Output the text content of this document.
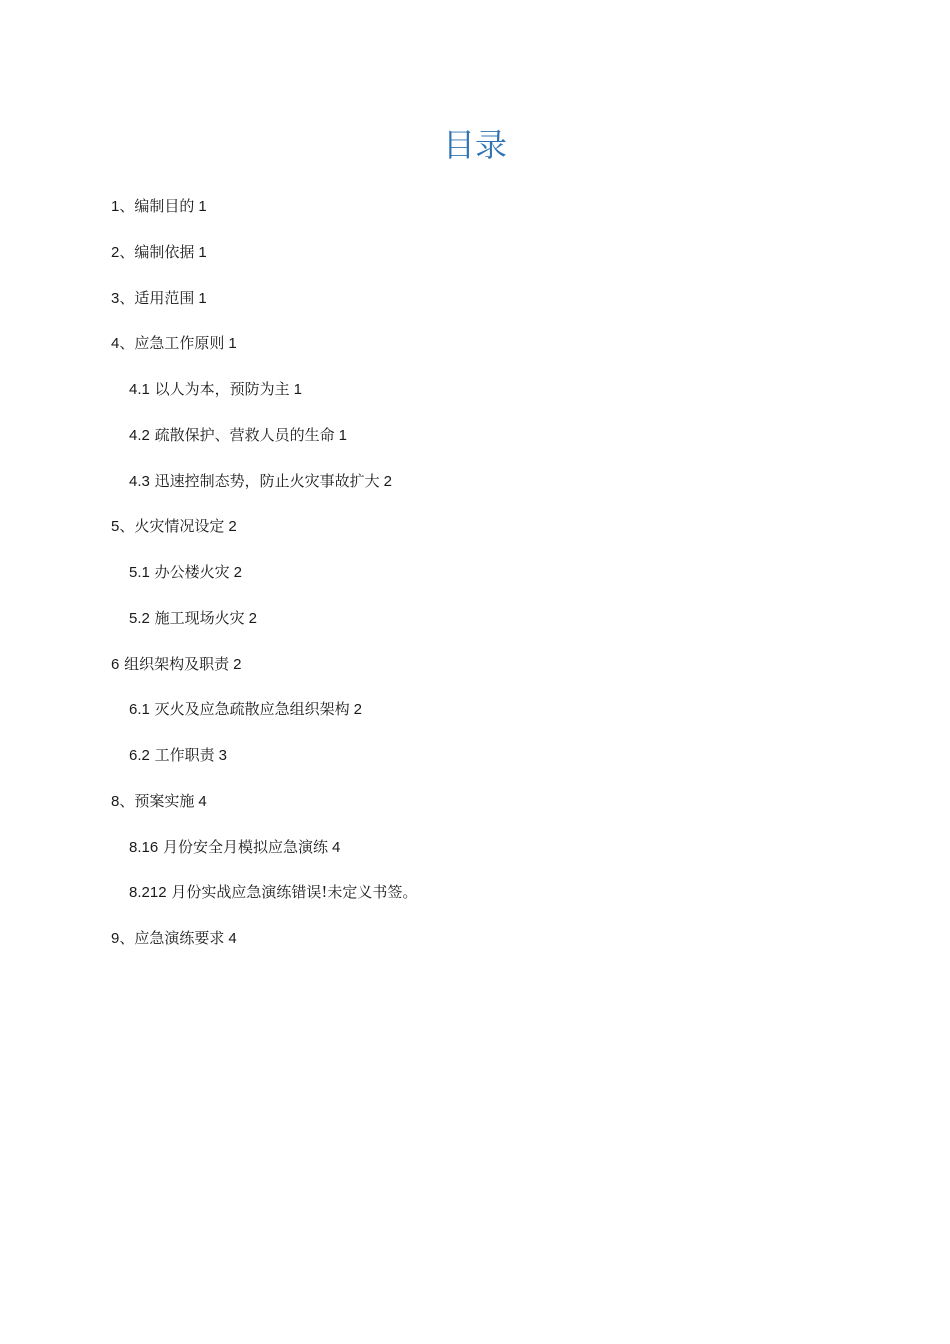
目录
1、编制目的 1
2、编制依据 1
3、适用范围 1
4、应急工作原则 1
4.1 以人为本，预防为主 1
4.2 疏散保护、营救人员的生命 1
4.3 迅速控制态势，防止火灾事故扩大 2
5、火灾情况设定 2
5.1 办公楼火灾 2
5.2 施工现场火灾 2
6 组织架构及职责 2
6.1 灭火及应急疏散应急组织架构 2
6.2 工作职责 3
8、预案实施 4
8.16 月份安全月模拟应急演练 4
8.212 月份实战应急演练错误!未定义书签。
9、应急演练要求 4
